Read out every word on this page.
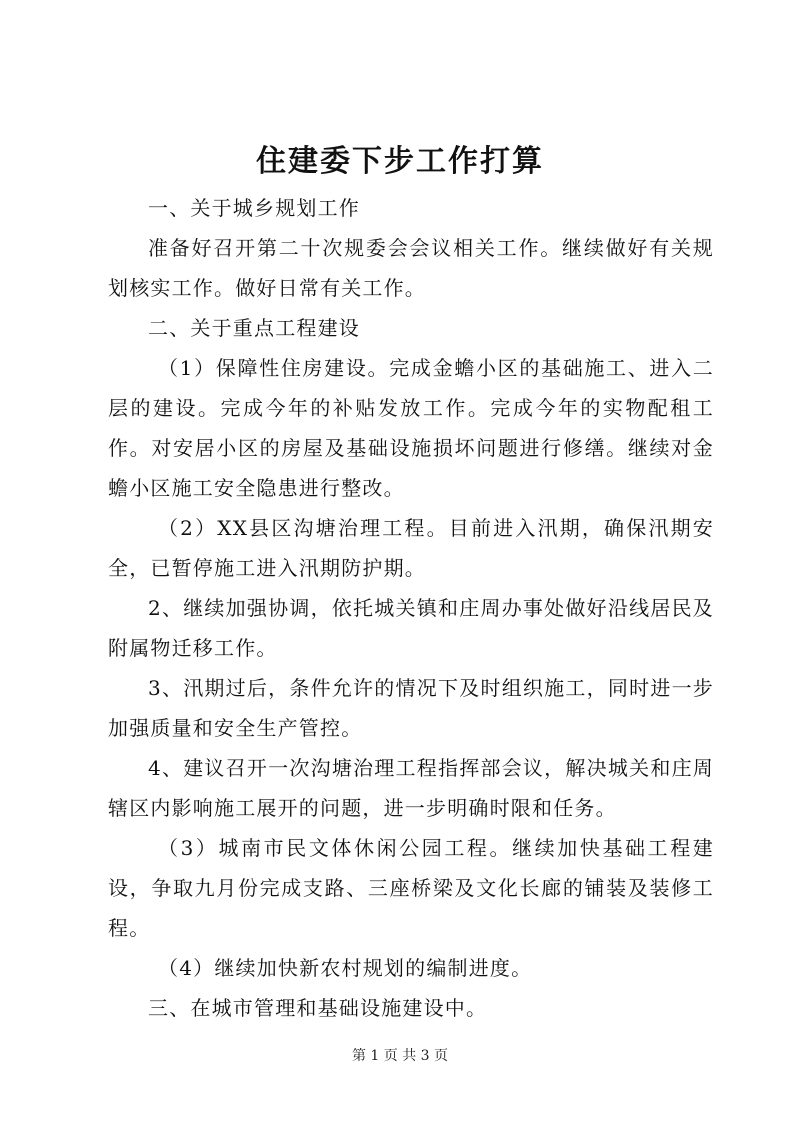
住建委下步工作打算

一、关于城乡规划工作

准备好召开第二十次规委会会议相关工作。继续做好有关规划核实工作。做好日常有关工作。

二、关于重点工程建设

（1）保障性住房建设。完成金蟾小区的基础施工、进入二层的建设。完成今年的补贴发放工作。完成今年的实物配租工作。对安居小区的房屋及基础设施损坏问题进行修缮。继续对金蟾小区施工安全隐患进行整改。

（2）XX县区沟塘治理工程。目前进入汛期，确保汛期安全，已暂停施工进入汛期防护期。

2、继续加强协调，依托城关镇和庄周办事处做好沿线居民及附属物迁移工作。

3、汛期过后，条件允许的情况下及时组织施工，同时进一步加强质量和安全生产管控。

4、建议召开一次沟塘治理工程指挥部会议，解决城关和庄周辖区内影响施工展开的问题，进一步明确时限和任务。

（3）城南市民文体休闲公园工程。继续加快基础工程建设，争取九月份完成支路、三座桥梁及文化长廊的铺装及装修工程。

（4）继续加快新农村规划的编制进度。

三、在城市管理和基础设施建设中。

第 1 页 共 3 页
